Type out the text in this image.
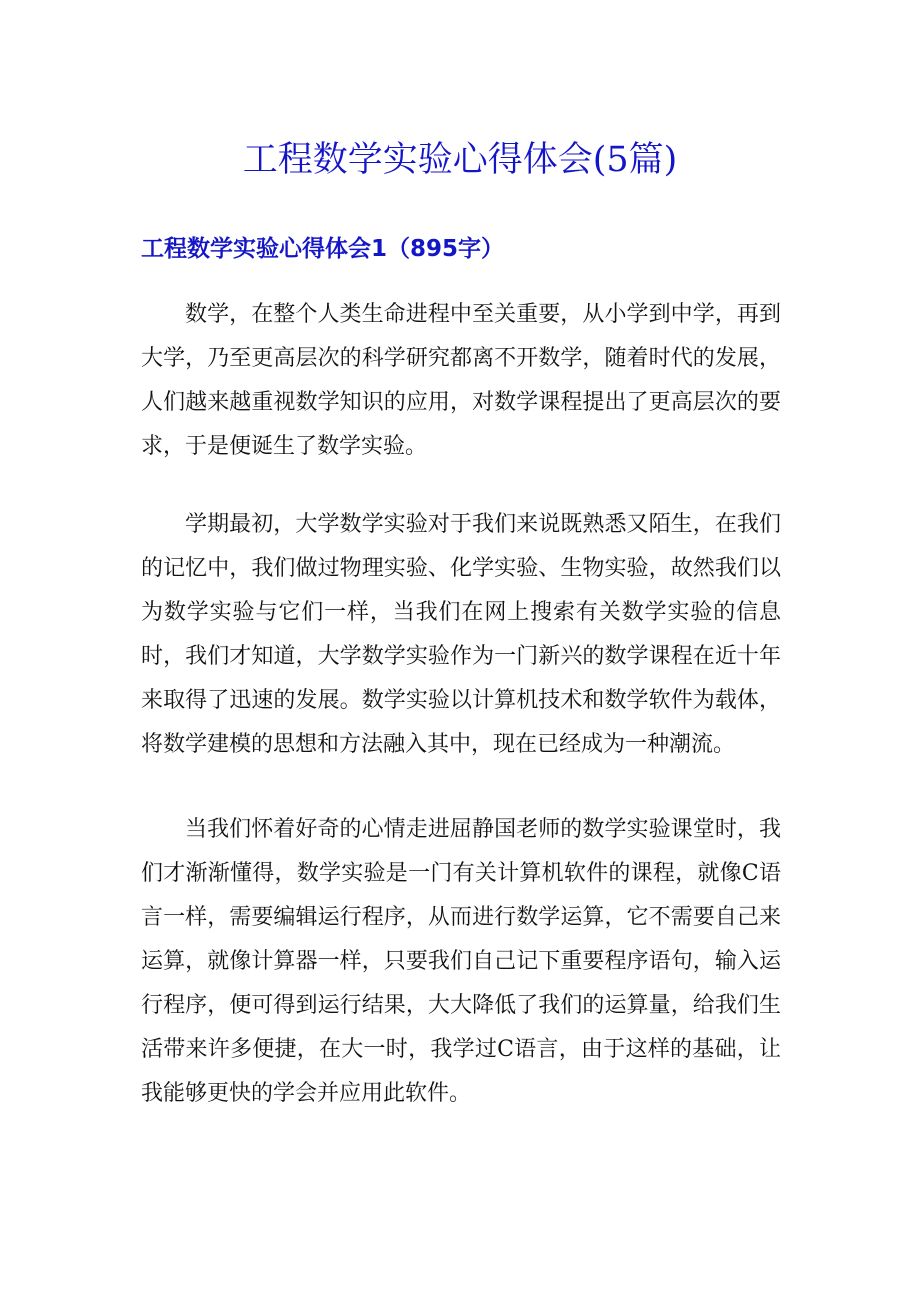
工程数学实验心得体会(5篇)
工程数学实验心得体会1（895字）

数学，在整个人类生命进程中至关重要，从小学到中学，再到大学，乃至更高层次的科学研究都离不开数学，随着时代的发展，人们越来越重视数学知识的应用，对数学课程提出了更高层次的要求，于是便诞生了数学实验。

学期最初，大学数学实验对于我们来说既熟悉又陌生，在我们的记忆中，我们做过物理实验、化学实验、生物实验，故然我们以为数学实验与它们一样，当我们在网上搜索有关数学实验的信息时，我们才知道，大学数学实验作为一门新兴的数学课程在近十年来取得了迅速的发展。数学实验以计算机技术和数学软件为载体，将数学建模的思想和方法融入其中，现在已经成为一种潮流。

当我们怀着好奇的心情走进屈静国老师的数学实验课堂时，我们才渐渐懂得，数学实验是一门有关计算机软件的课程，就像C语言一样，需要编辑运行程序，从而进行数学运算，它不需要自己来运算，就像计算器一样，只要我们自己记下重要程序语句，输入运行程序，便可得到运行结果，大大降低了我们的运算量，给我们生活带来许多便捷，在大一时，我学过C语言，由于这样的基础，让我能够更快的学会并应用此软件。
